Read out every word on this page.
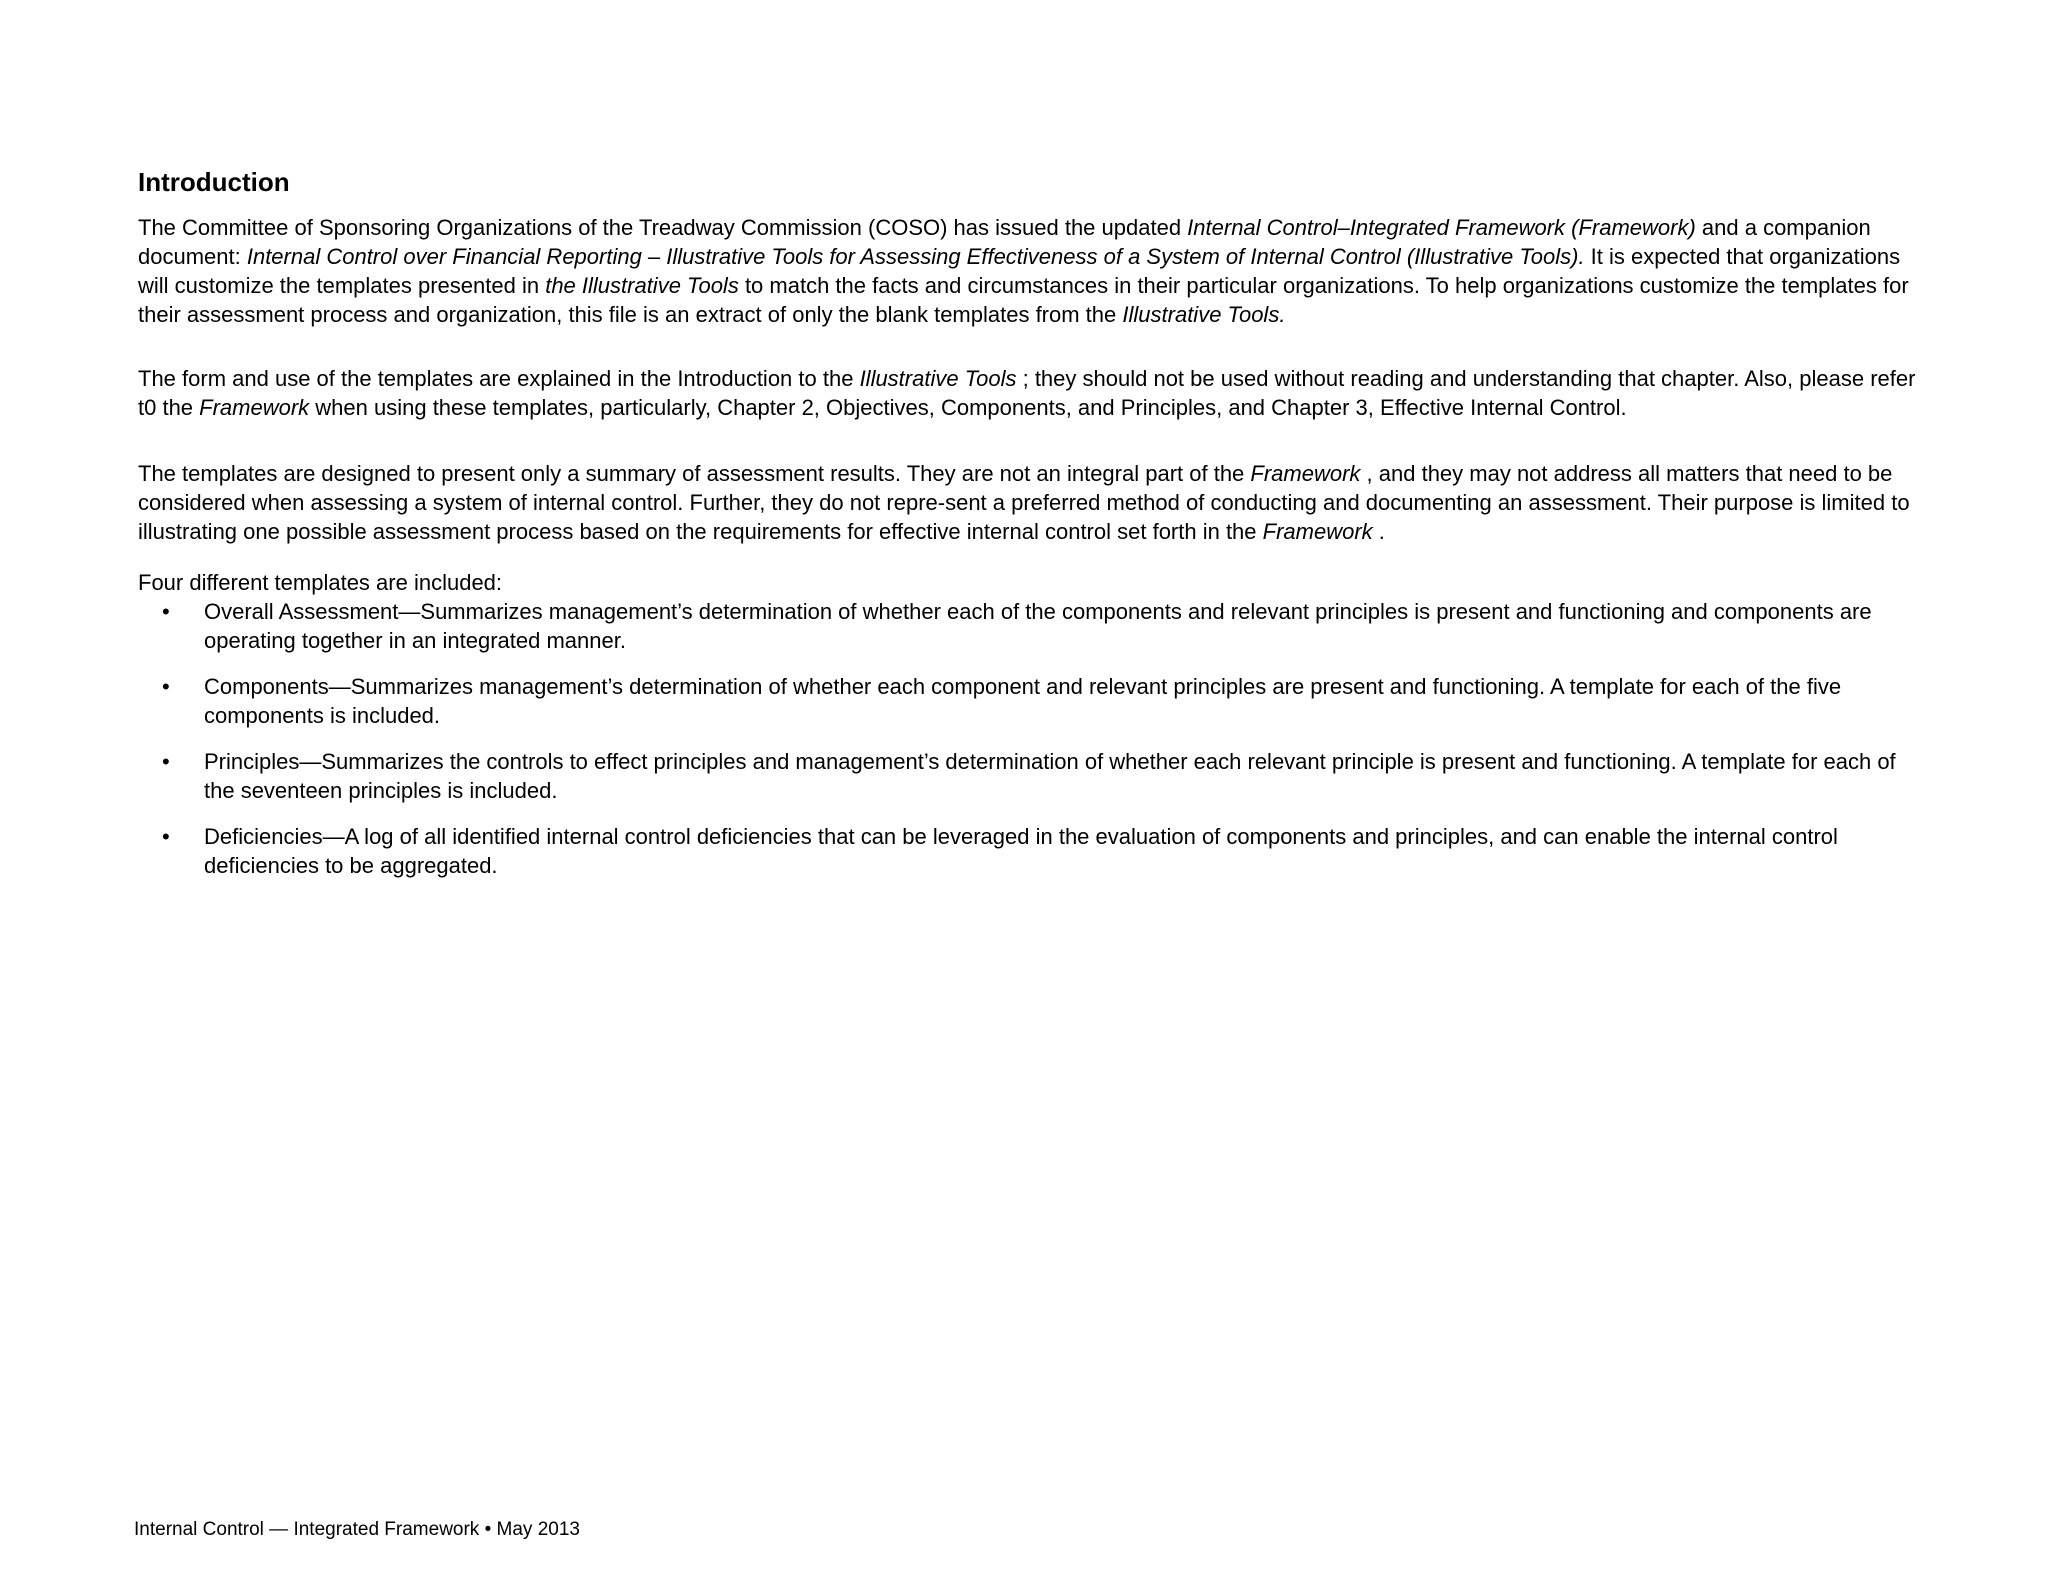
Introduction

The Committee of Sponsoring Organizations of the Treadway Commission (COSO) has issued the updated Internal Control–Integrated Framework (Framework) and a companion document: Internal Control over Financial Reporting – Illustrative Tools for Assessing Effectiveness of a System of Internal Control (Illustrative Tools). It is expected that organizations will customize the templates presented in the Illustrative Tools to match the facts and circumstances in their particular organizations. To help organizations customize the templates for their assessment process and organization, this file is an extract of only the blank templates from the Illustrative Tools.

The form and use of the templates are explained in the Introduction to the Illustrative Tools ; they should not be used without reading and understanding that chapter. Also, please refer t0 the Framework when using these templates, particularly, Chapter 2, Objectives, Components, and Principles, and Chapter 3, Effective Internal Control.

The templates are designed to present only a summary of assessment results. They are not an integral part of the Framework , and they may not address all matters that need to be considered when assessing a system of internal control. Further, they do not repre-sent a preferred method of conducting and documenting an assessment. Their purpose is limited to illustrating one possible assessment process based on the requirements for effective internal control set forth in the Framework .

Four different templates are included:

• Overall Assessment—Summarizes management’s determination of whether each of the components and relevant principles is present and functioning and components are operating together in an integrated manner.
• Components—Summarizes management’s determination of whether each component and relevant principles are present and functioning. A template for each of the five components is included.
• Principles—Summarizes the controls to effect principles and management’s determination of whether each relevant principle is present and functioning. A template for each of the seventeen principles is included.
• Deficiencies—A log of all identified internal control deficiencies that can be leveraged in the evaluation of components and principles, and can enable the internal control deficiencies to be aggregated.
Internal Control — Integrated Framework • May 2013
